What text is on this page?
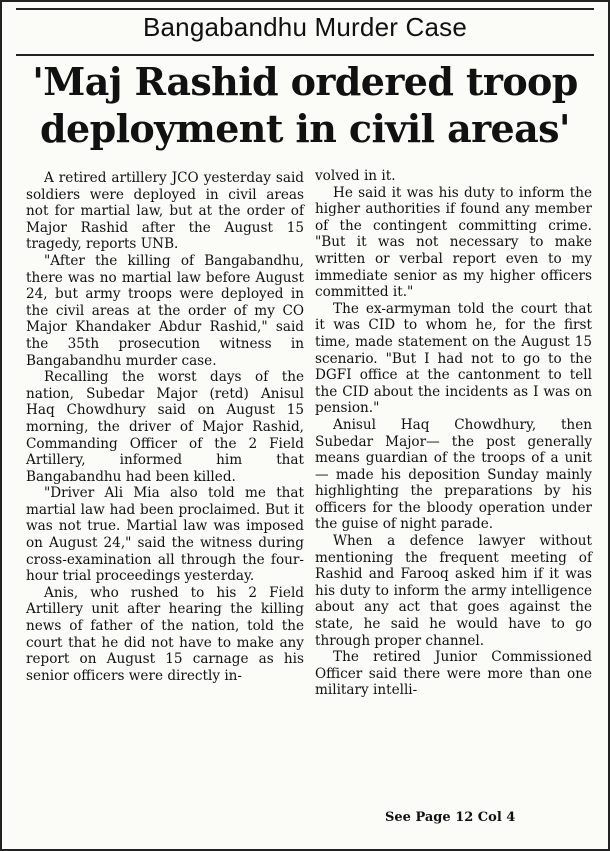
Bangabandhu Murder Case
'Maj Rashid ordered troop deployment in civil areas'

A retired artillery JCO yesterday said soldiers were deployed in civil areas not for martial law, but at the order of Major Rashid after the August 15 tragedy, reports UNB.

"After the killing of Bangabandhu, there was no martial law before August 24, but army troops were deployed in the civil areas at the order of my CO Major Khandaker Abdur Rashid," said the 35th prosecution witness in Bangabandhu murder case.

Recalling the worst days of the nation, Subedar Major (retd) Anisul Haq Chowdhury said on August 15 morning, the driver of Major Rashid, Commanding Officer of the 2 Field Artillery, informed him that Bangabandhu had been killed.

"Driver Ali Mia also told me that martial law had been proclaimed. But it was not true. Martial law was imposed on August 24," said the witness during cross-examination all through the four-hour trial proceedings yesterday.

Anis, who rushed to his 2 Field Artillery unit after hearing the killing news of father of the nation, told the court that he did not have to make any report on August 15 carnage as his senior officers were directly in-

volved in it.

He said it was his duty to inform the higher authorities if found any member of the contingent committing crime. "But it was not necessary to make written or verbal report even to my immediate senior as my higher officers committed it."

The ex-armyman told the court that it was CID to whom he, for the first time, made statement on the August 15 scenario. "But I had not to go to the DGFI office at the cantonment to tell the CID about the incidents as I was on pension."

Anisul Haq Chowdhury, then Subedar Major— the post generally means guardian of the troops of a unit — made his deposition Sunday mainly highlighting the preparations by his officers for the bloody operation under the guise of night parade.

When a defence lawyer without mentioning the frequent meeting of Rashid and Farooq asked him if it was his duty to inform the army intelligence about any act that goes against the state, he said he would have to go through proper channel.

The retired Junior Commissioned Officer said there were more than one military intelli-

See Page 12 Col 4
